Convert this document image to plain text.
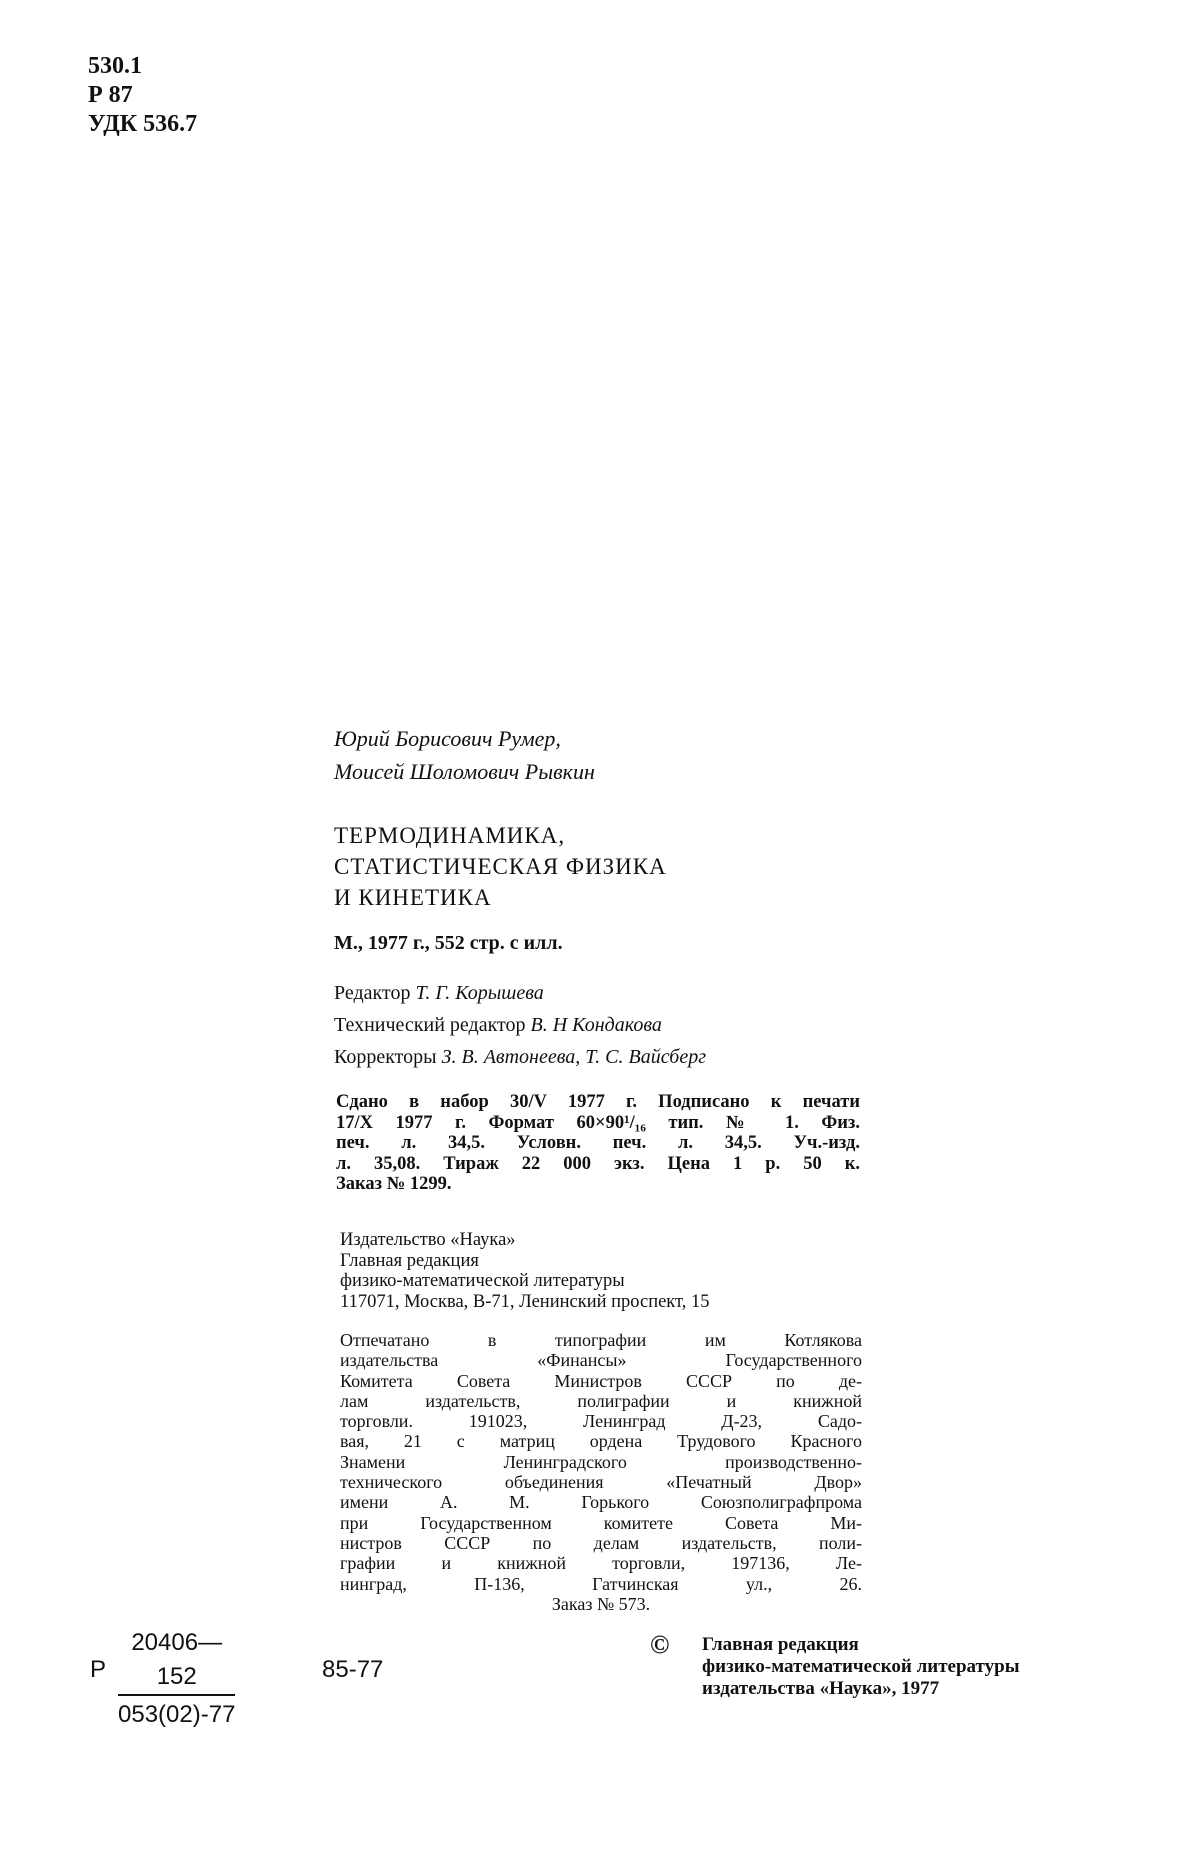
530.1
Р 87
УДК 536.7
Юрий Борисович Румер,
Моисей Шоломович Рывкин
ТЕРМОДИНАМИКА,
СТАТИСТИЧЕСКАЯ ФИЗИКА
И КИНЕТИКА
М., 1977 г., 552 стр. с илл.
Редактор Т. Г. Корышева
Технический редактор В. Н Кондакова
Корректоры З. В. Автонеева, Т. С. Вайсберг
Сдано в набор 30/V 1977 г. Подписано к печати
17/X 1977 г. Формат 60×90¹/₁₆ тип. № 1. Физ.
печ. л. 34,5. Условн. печ. л. 34,5. Уч.-изд.
л. 35,08. Тираж 22 000 экз. Цена 1 р. 50 к.
Заказ № 1299.
Издательство «Наука»
Главная редакция
физико-математической литературы
117071, Москва, В-71, Ленинский проспект, 15
Отпечатано в типографии им Котлякова
издательства «Финансы» Государственного
Комитета Совета Министров СССР по де-
лам издательств, полиграфии и книжной
торговли. 191023, Ленинград Д-23, Садо-
вая, 21 с матриц ордена Трудового Красного
Знамени Ленинградского производственно-
технического объединения «Печатный Двор»
имени А. М. Горького Союзполиграфпрома
при Государственном комитете Совета Ми-
нистров СССР по делам издательств, поли-
графии и книжной торговли, 197136, Ле-
нинград, П-136, Гатчинская ул., 26.
Заказ № 573.
Р $\frac{20406—152}{053(02)-77}$	85-77
© Главная редакция
физико-математической литературы
издательства «Наука», 1977
